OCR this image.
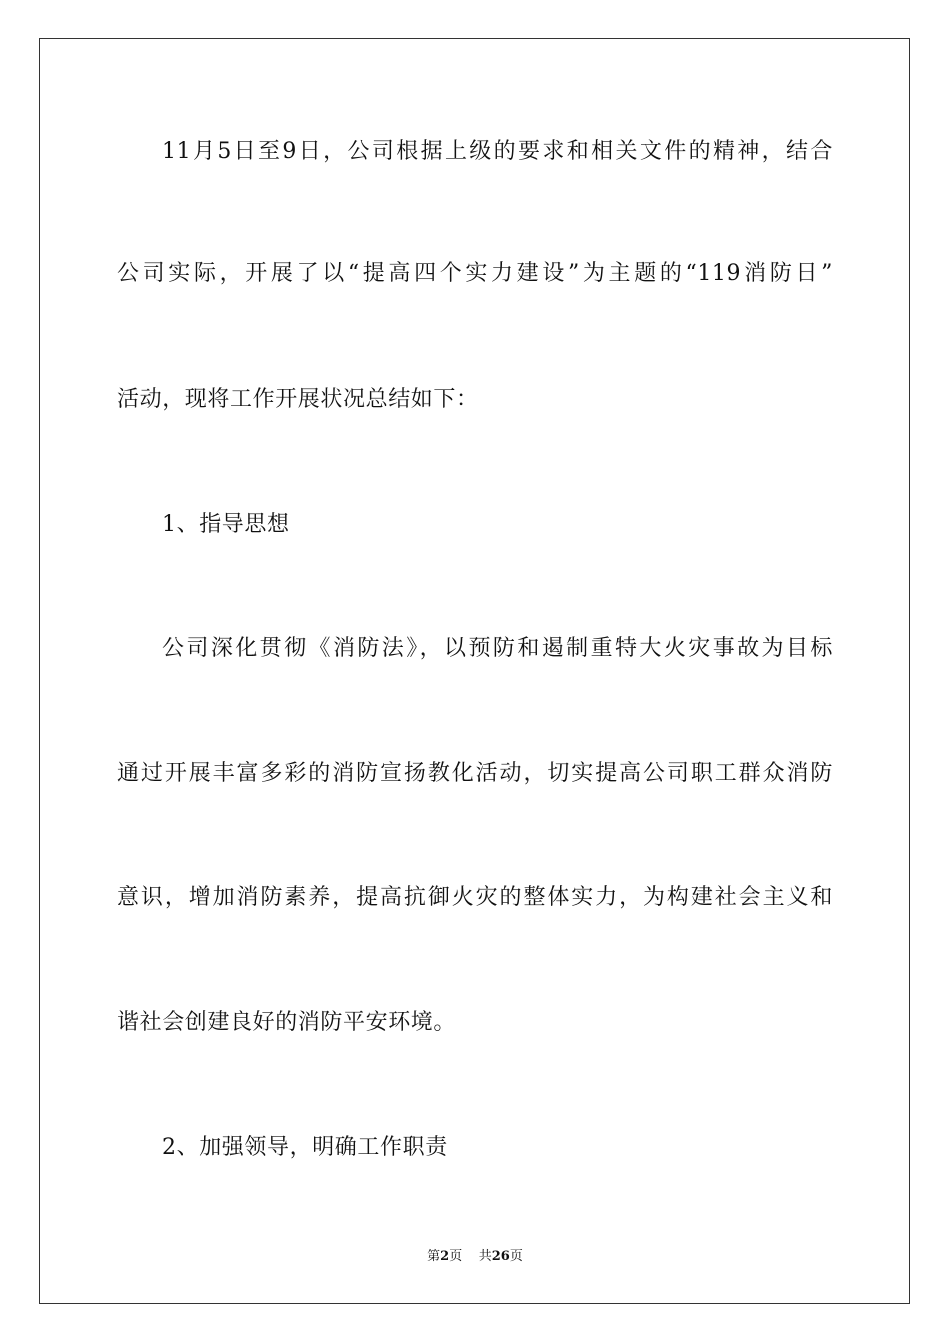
11月5日至9日，公司根据上级的要求和相关文件的精神，结合
公司实际，开展了以“提高四个实力建设”为主题的“119消防日”
活动，现将工作开展状况总结如下：
1、指导思想
公司深化贯彻《消防法》，以预防和遏制重特大火灾事故为目标
通过开展丰富多彩的消防宣扬教化活动，切实提高公司职工群众消防
意识，增加消防素养，提高抗御火灾的整体实力，为构建社会主义和
谐社会创建良好的消防平安环境。
2、加强领导，明确工作职责
第2页 共26页
